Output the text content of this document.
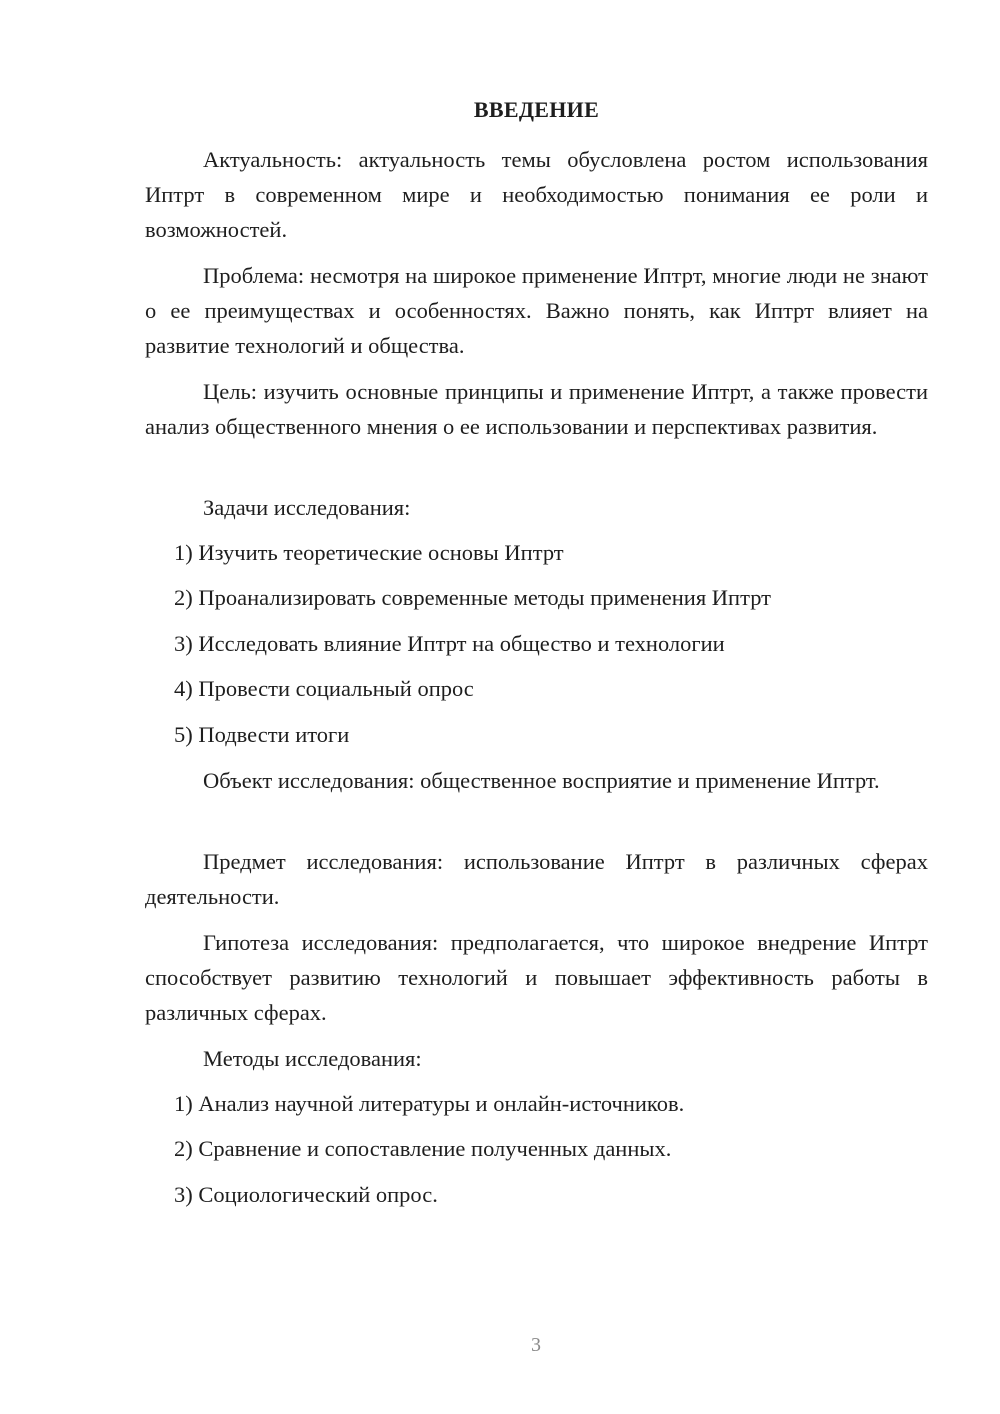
ВВЕДЕНИЕ

Актуальность: актуальность темы обусловлена ростом использования Иптрт в современном мире и необходимостью понимания ее роли и возможностей.

Проблема: несмотря на широкое применение Иптрт, многие люди не знают о ее преимуществах и особенностях. Важно понять, как Иптрт влияет на развитие технологий и общества.

Цель: изучить основные принципы и применение Иптрт, а также провести анализ общественного мнения о ее использовании и перспективах развития.

Задачи исследования:

1) Изучить теоретические основы Иптрт
2) Проанализировать современные методы применения Иптрт
3) Исследовать влияние Иптрт на общество и технологии
4) Провести социальный опрос
5) Подвести итоги

Объект исследования: общественное восприятие и применение Иптрт.

Предмет исследования: использование Иптрт в различных сферах деятельности.

Гипотеза исследования: предполагается, что широкое внедрение Иптрт способствует развитию технологий и повышает эффективность работы в различных сферах.

Методы исследования:

1) Анализ научной литературы и онлайн-источников.
2) Сравнение и сопоставление полученных данных.
3) Социологический опрос.
3
